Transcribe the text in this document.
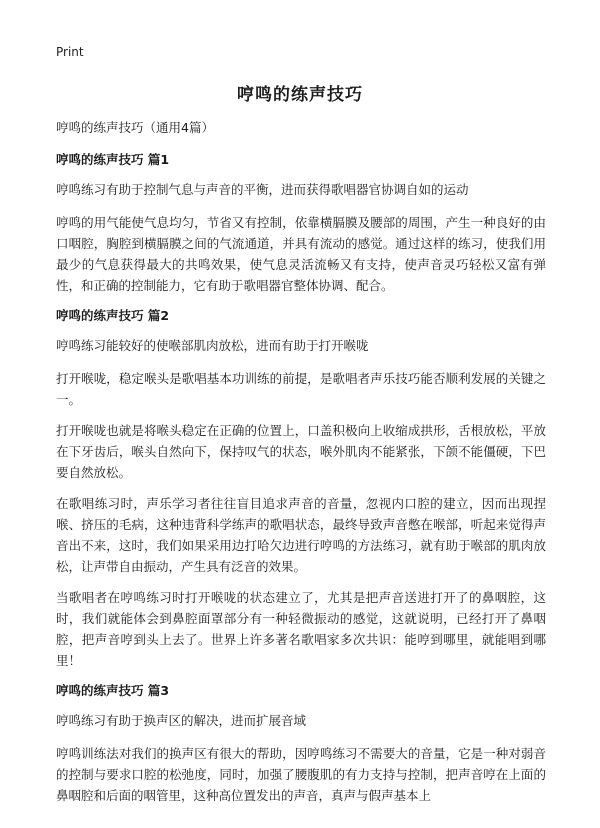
Print
哼鸣的练声技巧
哼鸣的练声技巧（通用4篇）
哼鸣的练声技巧 篇1
哼鸣练习有助于控制气息与声音的平衡，进而获得歌唱器官协调自如的运动
哼鸣的用气能使气息均匀，节省又有控制，依靠横膈膜及腰部的周围，产生一种良好的由口咽腔，胸腔到横膈膜之间的气流通道，并具有流动的感觉。通过这样的练习，使我们用最少的气息获得最大的共鸣效果，使气息灵活流畅又有支持，使声音灵巧轻松又富有弹性，和正确的控制能力，它有助于歌唱器官整体协调、配合。
哼鸣的练声技巧 篇2
哼鸣练习能较好的使喉部肌肉放松，进而有助于打开喉咙
打开喉咙，稳定喉头是歌唱基本功训练的前提，是歌唱者声乐技巧能否顺利发展的关键之一。
打开喉咙也就是将喉头稳定在正确的位置上，口盖积极向上收缩成拱形，舌根放松，平放在下牙齿后，喉头自然向下，保持叹气的状态，喉外肌肉不能紧张，下颌不能僵硬，下巴要自然放松。
在歌唱练习时，声乐学习者往往盲目追求声音的音量，忽视内口腔的建立，因而出现捏喉、挤压的毛病，这种违背科学练声的歌唱状态，最终导致声音憋在喉部，听起来觉得声音出不来，这时，我们如果采用边打哈欠边进行哼鸣的方法练习，就有助于喉部的肌肉放松，让声带自由振动，产生具有泛音的效果。
当歌唱者在哼鸣练习时打开喉咙的状态建立了，尤其是把声音送进打开了的鼻咽腔，这时，我们就能体会到鼻腔面罩部分有一种轻微振动的感觉，这就说明，已经打开了鼻咽腔，把声音哼到头上去了。世界上许多著名歌唱家多次共识：能哼到哪里，就能唱到哪里！
哼鸣的练声技巧 篇3
哼鸣练习有助于换声区的解决，进而扩展音域
哼鸣训练法对我们的换声区有很大的帮助，因哼鸣练习不需要大的音量，它是一种对弱音的控制与要求口腔的松弛度，同时，加强了腰腹肌的有力支持与控制，把声音哼在上面的鼻咽腔和后面的咽管里，这种高位置发出的声音，真声与假声基本上
